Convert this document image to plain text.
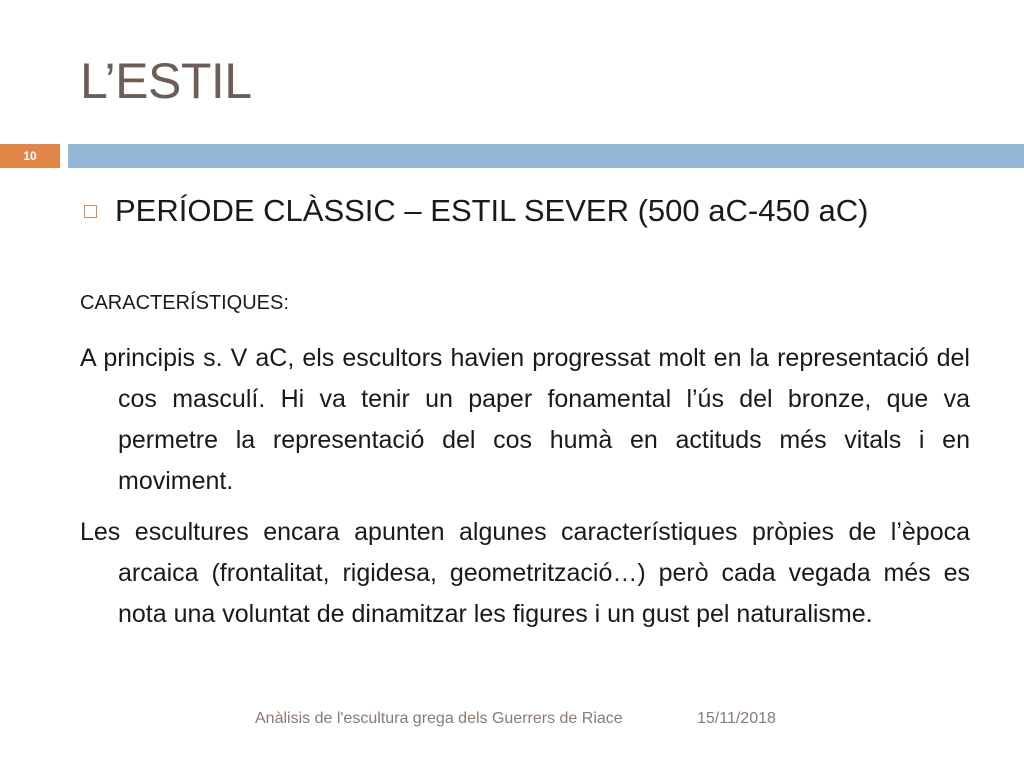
L’ESTIL
10
PERÍODE CLÀSSIC – ESTIL SEVER (500 aC-450 aC)
CARACTERÍSTIQUES:

A principis s. V aC, els escultors havien progressat molt en la representació del cos masculí. Hi va tenir un paper fonamental l’ús del bronze, que va permetre la representació del cos humà en actituds més vitals i en moviment.

Les escultures encara apunten algunes característiques pròpies de l’època arcaica (frontalitat, rigidesa, geometrització…) però cada vegada més es nota una voluntat de dinamitzar les figures i un gust pel naturalisme.

Anàlisis de l'escultura grega dels Guerrers de Riace	15/11/2018
